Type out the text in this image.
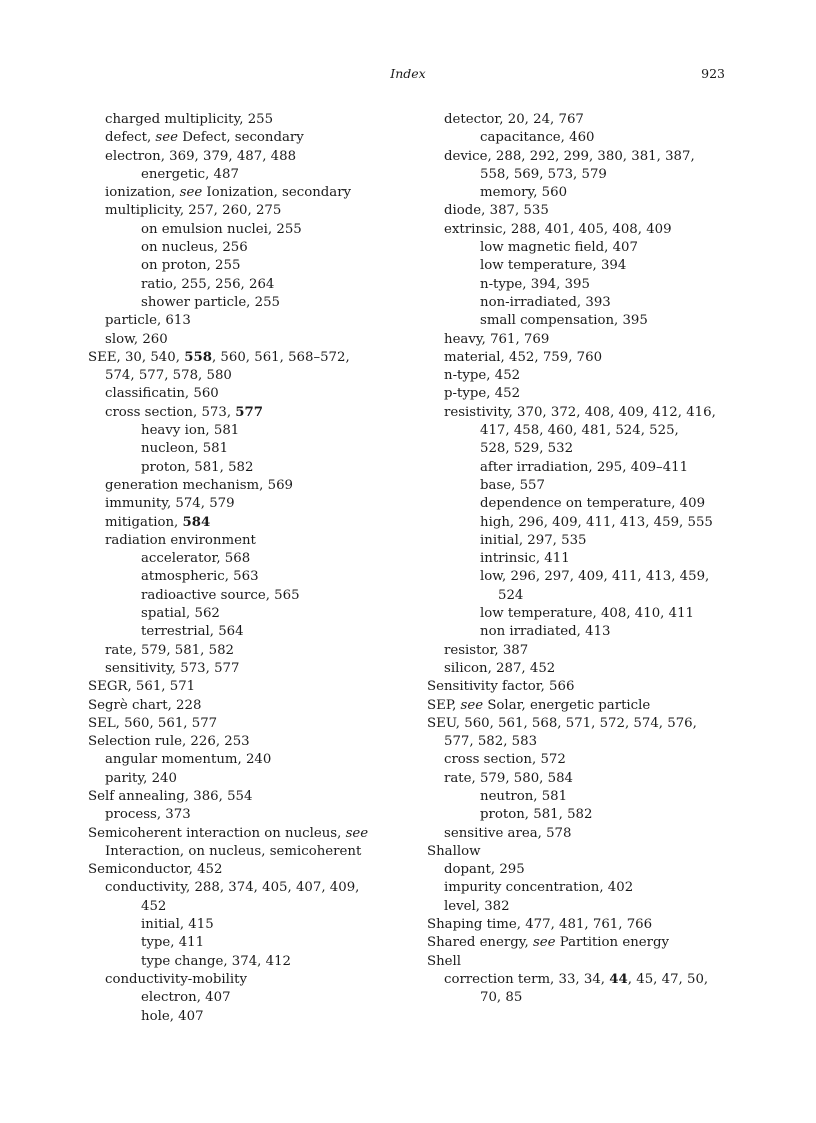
Index	923
charged multiplicity, 255
defect, see Defect, secondary
electron, 369, 379, 487, 488
energetic, 487
ionization, see Ionization, secondary
multiplicity, 257, 260, 275
on emulsion nuclei, 255
on nucleus, 256
on proton, 255
ratio, 255, 256, 264
shower particle, 255
particle, 613
slow, 260
SEE, 30, 540, 558, 560, 561, 568–572,
574, 577, 578, 580
classificatin, 560
cross section, 573, 577
heavy ion, 581
nucleon, 581
proton, 581, 582
generation mechanism, 569
immunity, 574, 579
mitigation, 584
radiation environment
accelerator, 568
atmospheric, 563
radioactive source, 565
spatial, 562
terrestrial, 564
rate, 579, 581, 582
sensitivity, 573, 577
SEGR, 561, 571
Segrè chart, 228
SEL, 560, 561, 577
Selection rule, 226, 253
angular momentum, 240
parity, 240
Self annealing, 386, 554
process, 373
Semicoherent interaction on nucleus, see
Interaction, on nucleus, semicoherent
Semiconductor, 452
conductivity, 288, 374, 405, 407, 409,
452
initial, 415
type, 411
type change, 374, 412
conductivity-mobility
electron, 407
hole, 407
detector, 20, 24, 767
capacitance, 460
device, 288, 292, 299, 380, 381, 387,
558, 569, 573, 579
memory, 560
diode, 387, 535
extrinsic, 288, 401, 405, 408, 409
low magnetic field, 407
low temperature, 394
n-type, 394, 395
non-irradiated, 393
small compensation, 395
heavy, 761, 769
material, 452, 759, 760
n-type, 452
p-type, 452
resistivity, 370, 372, 408, 409, 412, 416,
417, 458, 460, 481, 524, 525,
528, 529, 532
after irradiation, 295, 409–411
base, 557
dependence on temperature, 409
high, 296, 409, 411, 413, 459, 555
initial, 297, 535
intrinsic, 411
low, 296, 297, 409, 411, 413, 459,
524
low temperature, 408, 410, 411
non irradiated, 413
resistor, 387
silicon, 287, 452
Sensitivity factor, 566
SEP, see Solar, energetic particle
SEU, 560, 561, 568, 571, 572, 574, 576,
577, 582, 583
cross section, 572
rate, 579, 580, 584
neutron, 581
proton, 581, 582
sensitive area, 578
Shallow
dopant, 295
impurity concentration, 402
level, 382
Shaping time, 477, 481, 761, 766
Shared energy, see Partition energy
Shell
correction term, 33, 34, 44, 45, 47, 50,
70, 85
